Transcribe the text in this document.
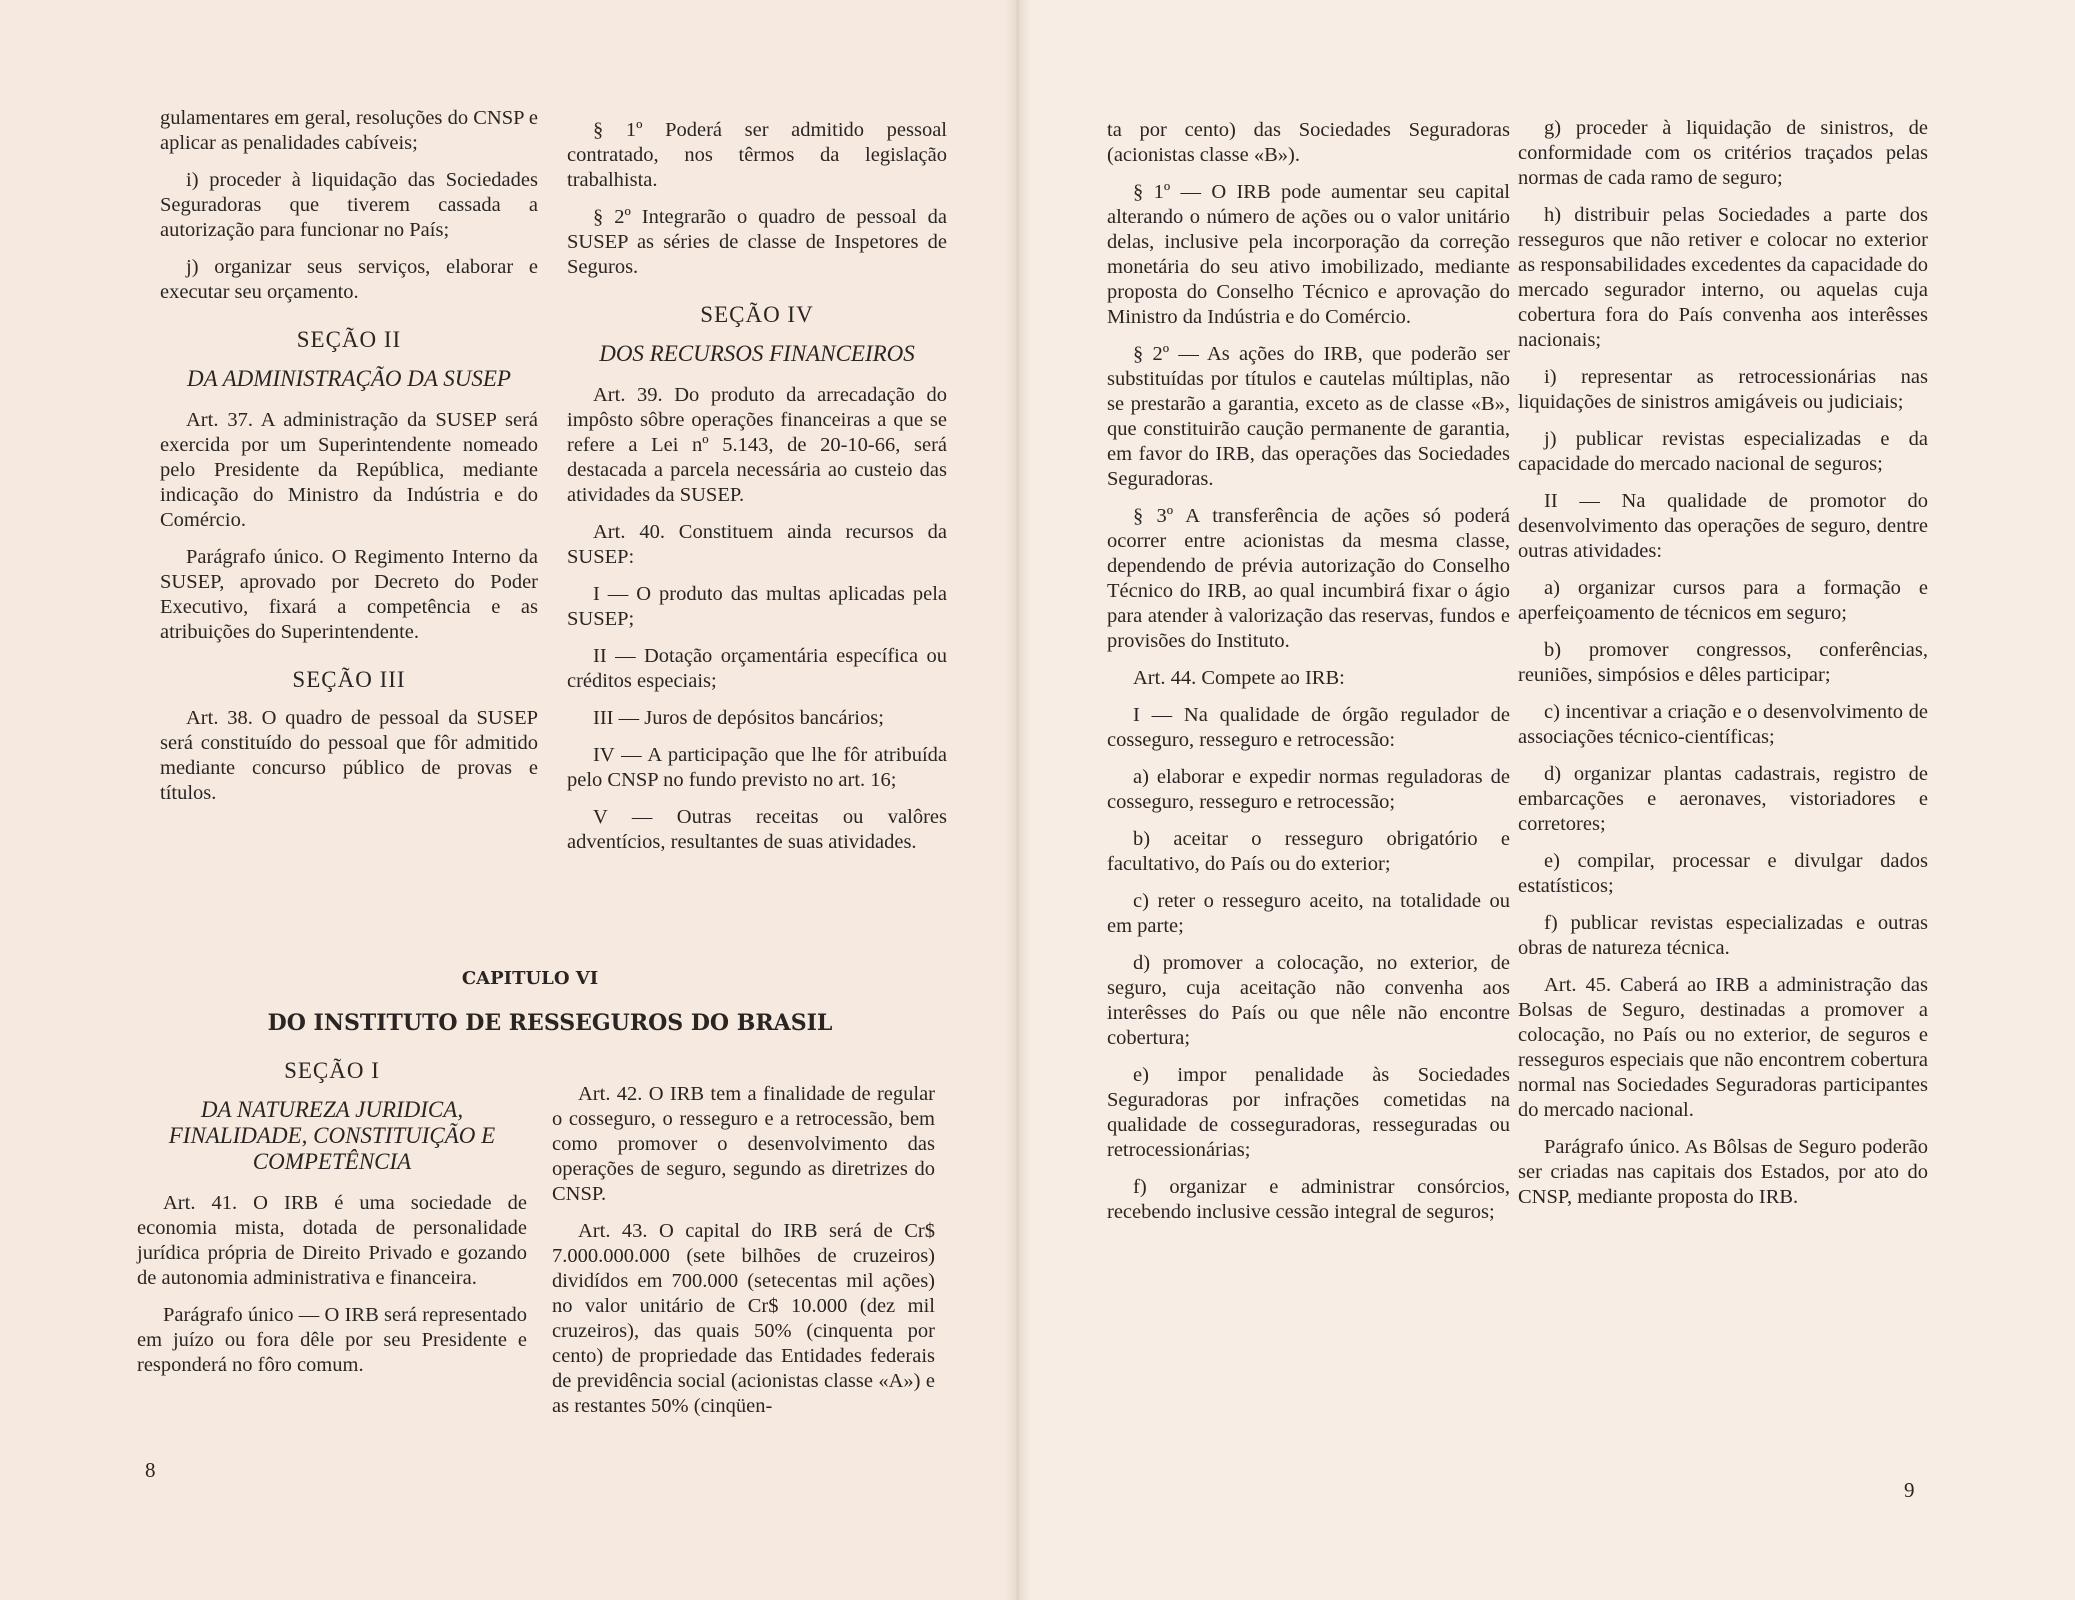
gulamentares em geral, resoluções do CNSP e aplicar as penalidades cabíveis;

i) proceder à liquidação das Sociedades Seguradoras que tiverem cassada a autorização para funcionar no País;

j) organizar seus serviços, elaborar e executar seu orçamento.

SEÇÃO II

DA ADMINISTRAÇÃO DA SUSEP

Art. 37. A administração da SUSEP será exercida por um Superintendente nomeado pelo Presidente da República, mediante indicação do Ministro da Indústria e do Comércio.

Parágrafo único. O Regimento Interno da SUSEP, aprovado por Decreto do Poder Executivo, fixará a competência e as atribuições do Superintendente.

SEÇÃO III

Art. 38. O quadro de pessoal da SUSEP será constituído do pessoal que fôr admitido mediante concurso público de provas e títulos.

§ 1º Poderá ser admitido pessoal contratado, nos têrmos da legislação trabalhista.

§ 2º Integrarão o quadro de pessoal da SUSEP as séries de classe de Inspetores de Seguros.

SEÇÃO IV

DOS RECURSOS FINANCEIROS

Art. 39. Do produto da arrecadação do impôsto sôbre operações financeiras a que se refere a Lei nº 5.143, de 20-10-66, será destacada a parcela necessária ao custeio das atividades da SUSEP.

Art. 40. Constituem ainda recursos da SUSEP:

I — O produto das multas aplicadas pela SUSEP;

II — Dotação orçamentária específica ou créditos especiais;

III — Juros de depósitos bancários;

IV — A participação que lhe fôr atribuída pelo CNSP no fundo previsto no art. 16;

V — Outras receitas ou valôres adventícios, resultantes de suas atividades.

CAPITULO VI
DO INSTITUTO DE RESSEGUROS DO BRASIL

SEÇÃO I

DA NATUREZA JURIDICA, FINALIDADE, CONSTITUIÇÃO E COMPETÊNCIA

Art. 41. O IRB é uma sociedade de economia mista, dotada de personalidade jurídica própria de Direito Privado e gozando de autonomia administrativa e financeira.

Parágrafo único — O IRB será representado em juízo ou fora dêle por seu Presidente e responderá no fôro comum.

Art. 42. O IRB tem a finalidade de regular o cosseguro, o resseguro e a retrocessão, bem como promover o desenvolvimento das operações de seguro, segundo as diretrizes do CNSP.

Art. 43. O capital do IRB será de Cr$ 7.000.000.000 (sete bilhões de cruzeiros) dividídos em 700.000 (setecentas mil ações) no valor unitário de Cr$ 10.000 (dez mil cruzeiros), das quais 50% (cinquenta por cento) de propriedade das Entidades federais de previdência social (acionistas classe «A») e as restantes 50% (cinqüen-

8

ta por cento) das Sociedades Seguradoras (acionistas classe «B»).

§ 1º — O IRB pode aumentar seu capital alterando o número de ações ou o valor unitário delas, inclusive pela incorporação da correção monetária do seu ativo imobilizado, mediante proposta do Conselho Técnico e aprovação do Ministro da Indústria e do Comércio.

§ 2º — As ações do IRB, que poderão ser substituídas por títulos e cautelas múltiplas, não se prestarão a garantia, exceto as de classe «B», que constituirão caução permanente de garantia, em favor do IRB, das operações das Sociedades Seguradoras.

§ 3º A transferência de ações só poderá ocorrer entre acionistas da mesma classe, dependendo de prévia autorização do Conselho Técnico do IRB, ao qual incumbirá fixar o ágio para atender à valorização das reservas, fundos e provisões do Instituto.

Art. 44. Compete ao IRB:

I — Na qualidade de órgão regulador de cosseguro, resseguro e retrocessão:

a) elaborar e expedir normas reguladoras de cosseguro, resseguro e retrocessão;

b) aceitar o resseguro obrigatório e facultativo, do País ou do exterior;

c) reter o resseguro aceito, na totalidade ou em parte;

d) promover a colocação, no exterior, de seguro, cuja aceitação não convenha aos interêsses do País ou que nêle não encontre cobertura;

e) impor penalidade às Sociedades Seguradoras por infrações cometidas na qualidade de cosseguradoras, resseguradas ou retrocessionárias;

f) organizar e administrar consórcios, recebendo inclusive cessão integral de seguros;

g) proceder à liquidação de sinistros, de conformidade com os critérios traçados pelas normas de cada ramo de seguro;

h) distribuir pelas Sociedades a parte dos resseguros que não retiver e colocar no exterior as responsabilidades excedentes da capacidade do mercado segurador interno, ou aquelas cuja cobertura fora do País convenha aos interêsses nacionais;

i) representar as retrocessionárias nas liquidações de sinistros amigáveis ou judiciais;

j) publicar revistas especializadas e da capacidade do mercado nacional de seguros;

II — Na qualidade de promotor do desenvolvimento das operações de seguro, dentre outras atividades:

a) organizar cursos para a formação e aperfeiçoamento de técnicos em seguro;

b) promover congressos, conferências, reuniões, simpósios e dêles participar;

c) incentivar a criação e o desenvolvimento de associações técnico-científicas;

d) organizar plantas cadastrais, registro de embarcações e aeronaves, vistoriadores e corretores;

e) compilar, processar e divulgar dados estatísticos;

f) publicar revistas especializadas e outras obras de natureza técnica.

Art. 45. Caberá ao IRB a administração das Bolsas de Seguro, destinadas a promover a colocação, no País ou no exterior, de seguros e resseguros especiais que não encontrem cobertura normal nas Sociedades Seguradoras participantes do mercado nacional.

Parágrafo único. As Bôlsas de Seguro poderão ser criadas nas capitais dos Estados, por ato do CNSP, mediante proposta do IRB.

9
